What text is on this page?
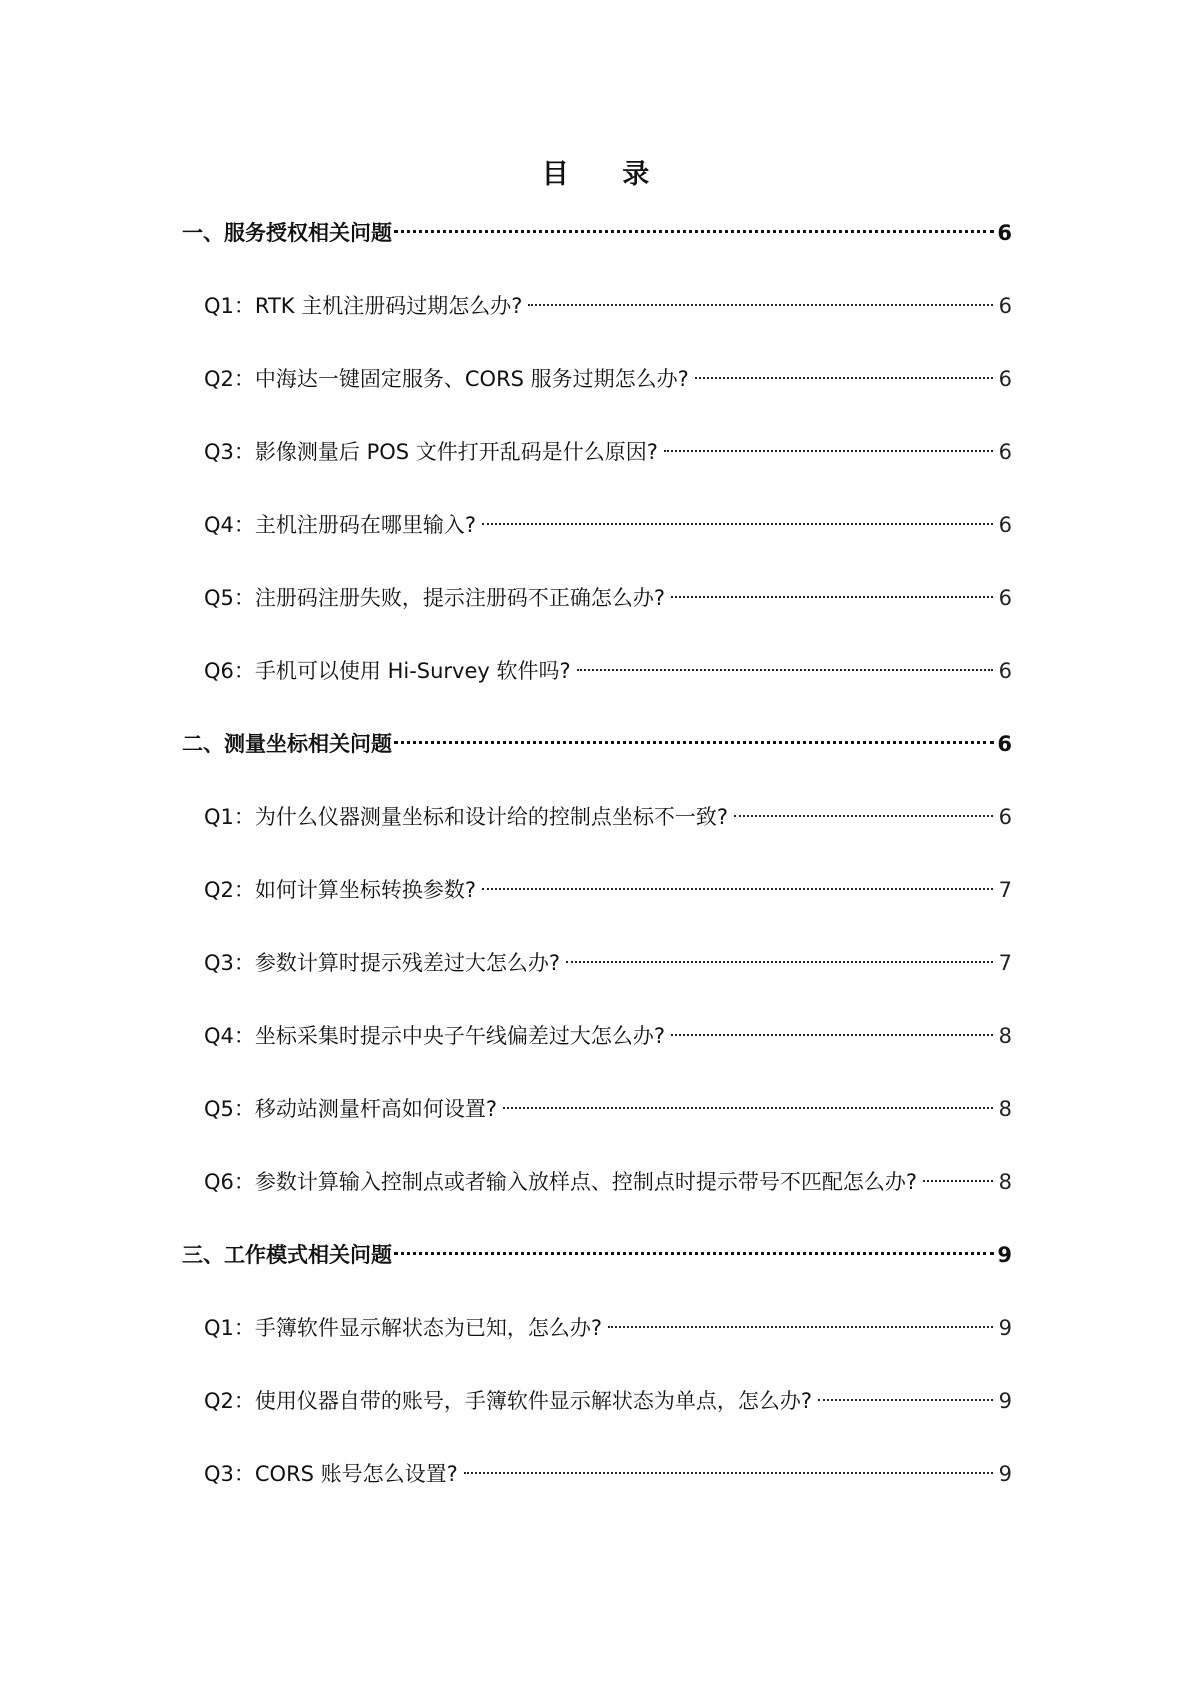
目 录
一、服务授权相关问题	6
Q1：RTK 主机注册码过期怎么办?	6
Q2：中海达一键固定服务、CORS 服务过期怎么办?	6
Q3：影像测量后 POS 文件打开乱码是什么原因?	6
Q4：主机注册码在哪里输入?	6
Q5：注册码注册失败，提示注册码不正确怎么办?	6
Q6：手机可以使用 Hi-Survey 软件吗?	6
二、测量坐标相关问题	6
Q1：为什么仪器测量坐标和设计给的控制点坐标不一致?	6
Q2：如何计算坐标转换参数?	7
Q3：参数计算时提示残差过大怎么办?	7
Q4：坐标采集时提示中央子午线偏差过大怎么办?	8
Q5：移动站测量杆高如何设置?	8
Q6：参数计算输入控制点或者输入放样点、控制点时提示带号不匹配怎么办?	8
三、工作模式相关问题	9
Q1：手簿软件显示解状态为已知，怎么办?	9
Q2：使用仪器自带的账号，手簿软件显示解状态为单点，怎么办?	9
Q3：CORS 账号怎么设置?	9
